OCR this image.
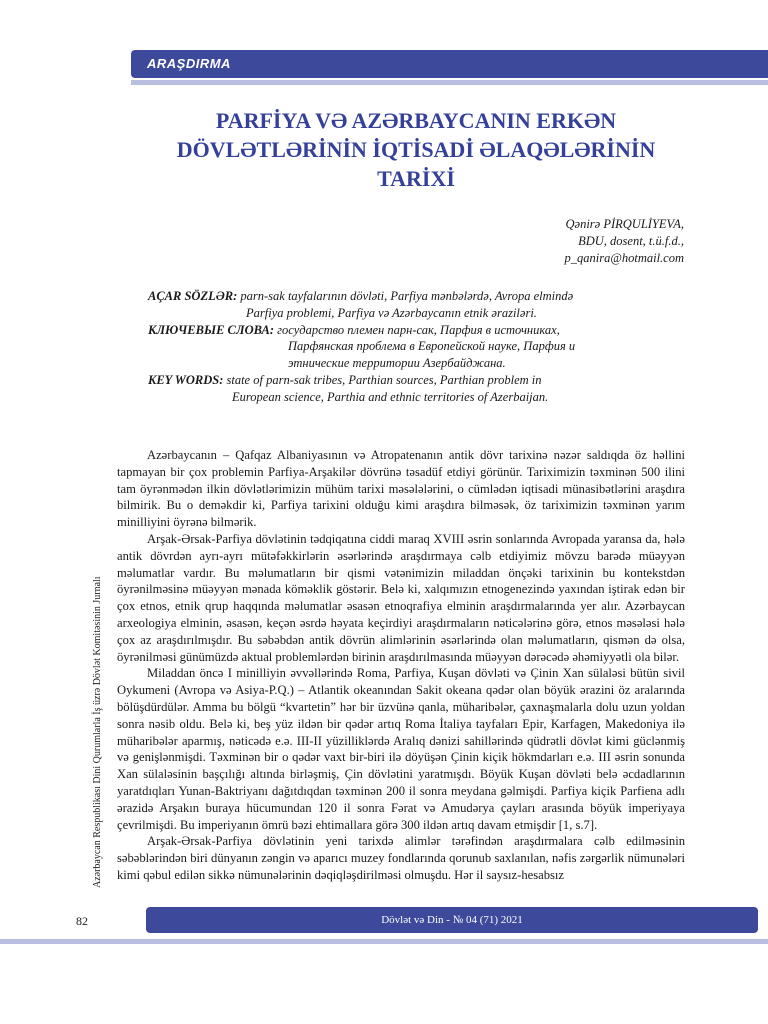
ARAŞDIRMA
Azərbaycan Respublikası Dini Qurumlarla İş üzrə Dövlət Komitəsinin Jurnalı
PARFİYA VƏ AZƏRBAYCANIN ERKƏN
DÖVLƏTLƏRİNİN İQTİSADİ ƏLAQƏLƏRİNİN
TARİXİ
Qənirə PİRQULİYEVA,
BDU, dosent, t.ü.f.d.,
p_qanira@hotmail.com
AÇAR SÖZLƏR: parn-sak tayfalarının dövləti, Parfiya mənbələrdə, Avropa elmində
Parfiya problemi, Parfiya və Azərbaycanın etnik əraziləri.
КЛЮЧЕВЫЕ СЛОВА: государство племен парн-сак, Парфия в источниках,
Парфянская проблема в Европейской науке, Парфия и
этнические территории Азербайджана.
KEY WORDS: state of parn-sak tribes, Parthian sources, Parthian problem in
European science, Parthia and ethnic territories of Azerbaijan.

Azərbaycanın – Qafqaz Albaniyasının və Atropatenanın antik dövr tarixinə nəzər saldıqda öz həllini tapmayan bir çox problemin Parfiya-Arşakilər dövrünə təsadüf etdiyi görünür. Tariximizin təxminən 500 ilini tam öyrənmədən ilkin dövlətlərimizin mühüm tarixi məsələlərini, o cümlədən iqtisadi münasibətlərini araşdıra bilmirik. Bu o deməkdir ki, Parfiya tarixini olduğu kimi araşdıra bilməsək, öz tariximizin təxminən yarım minilliyini öyrənə bilmərik.

Arşak-Ərsak-Parfiya dövlətinin tədqiqatına ciddi maraq XVIII əsrin sonlarında Avropada yaransa da, hələ antik dövrdən ayrı-ayrı mütəfəkkirlərin əsərlərində araşdırmaya cəlb etdiyimiz mövzu barədə müəyyən məlumatlar vardır. Bu məlumatların bir qismi vətənimizin miladdan önçəki tarixinin bu kontekstdən öyrənilməsinə müəyyən mənada köməklik göstərir. Belə ki, xalqımızın etnogenezində yaxından iştirak edən bir çox etnos, etnik qrup haqqında məlumatlar əsasən etnoqrafiya elminin araşdırmalarında yer alır. Azərbaycan arxeologiya elminin, əsasən, keçən əsrdə həyata keçirdiyi araşdırmaların nəticələrinə görə, etnos məsələsi hələ çox az araşdırılmışdır. Bu səbəbdən antik dövrün alimlərinin əsərlərində olan məlumatların, qismən də olsa, öyrənilməsi günümüzdə aktual problemlərdən birinin araşdırılmasında müəyyən dərəcədə əhəmiyyətli ola bilər.

Miladdan öncə I minilliyin əvvəllərində Roma, Parfiya, Kuşan dövləti və Çinin Xan sülaləsi bütün sivil Oykumeni (Avropa və Asiya-P.Q.) – Atlantik okeanından Sakit okeana qədər olan böyük ərazini öz aralarında bölüşdürdülər. Amma bu bölgü “kvartetin” hər bir üzvünə qanla, müharibələr, çaxnaşmalarla dolu uzun yoldan sonra nəsib oldu. Belə ki, beş yüz ildən bir qədər artıq Roma İtaliya tayfaları Epir, Karfagen, Makedoniya ilə müharibələr aparmış, nəticədə e.ə. III-II yüzilliklərdə Aralıq dənizi sahillərində qüdrətli dövlət kimi güclənmiş və genişlənmişdi. Təxminən bir o qədər vaxt bir-biri ilə döyüşən Çinin kiçik hökmdarları e.ə. III əsrin sonunda Xan sülaləsinin başçılığı altında birləşmiş, Çin dövlətini yaratmışdı. Böyük Kuşan dövləti belə əcdadlarının yaratdıqları Yunan-Baktriyanı dağıtdıqdan təxminən 200 il sonra meydana gəlmişdi. Parfiya kiçik Parfiena adlı ərazidə Arşakın buraya hücumundan 120 il sonra Fərat və Amudərya çayları arasında böyük imperiyaya çevrilmişdi. Bu imperiyanın ömrü bəzi ehtimallara görə 300 ildən artıq davam etmişdir [1, s.7].

Arşak-Ərsak-Parfiya dövlətinin yeni tarixdə alimlər tərəfindən araşdırmalara cəlb edilməsinin səbəblərindən biri dünyanın zəngin və aparıcı muzey fondlarında qorunub saxlanılan, nəfis zərgərlik nümunələri kimi qəbul edilən sikkə nümunələrinin dəqiqləşdirilməsi olmuşdu. Hər il saysız-hesabsız

82	Dövlət və Din - № 04 (71) 2021
